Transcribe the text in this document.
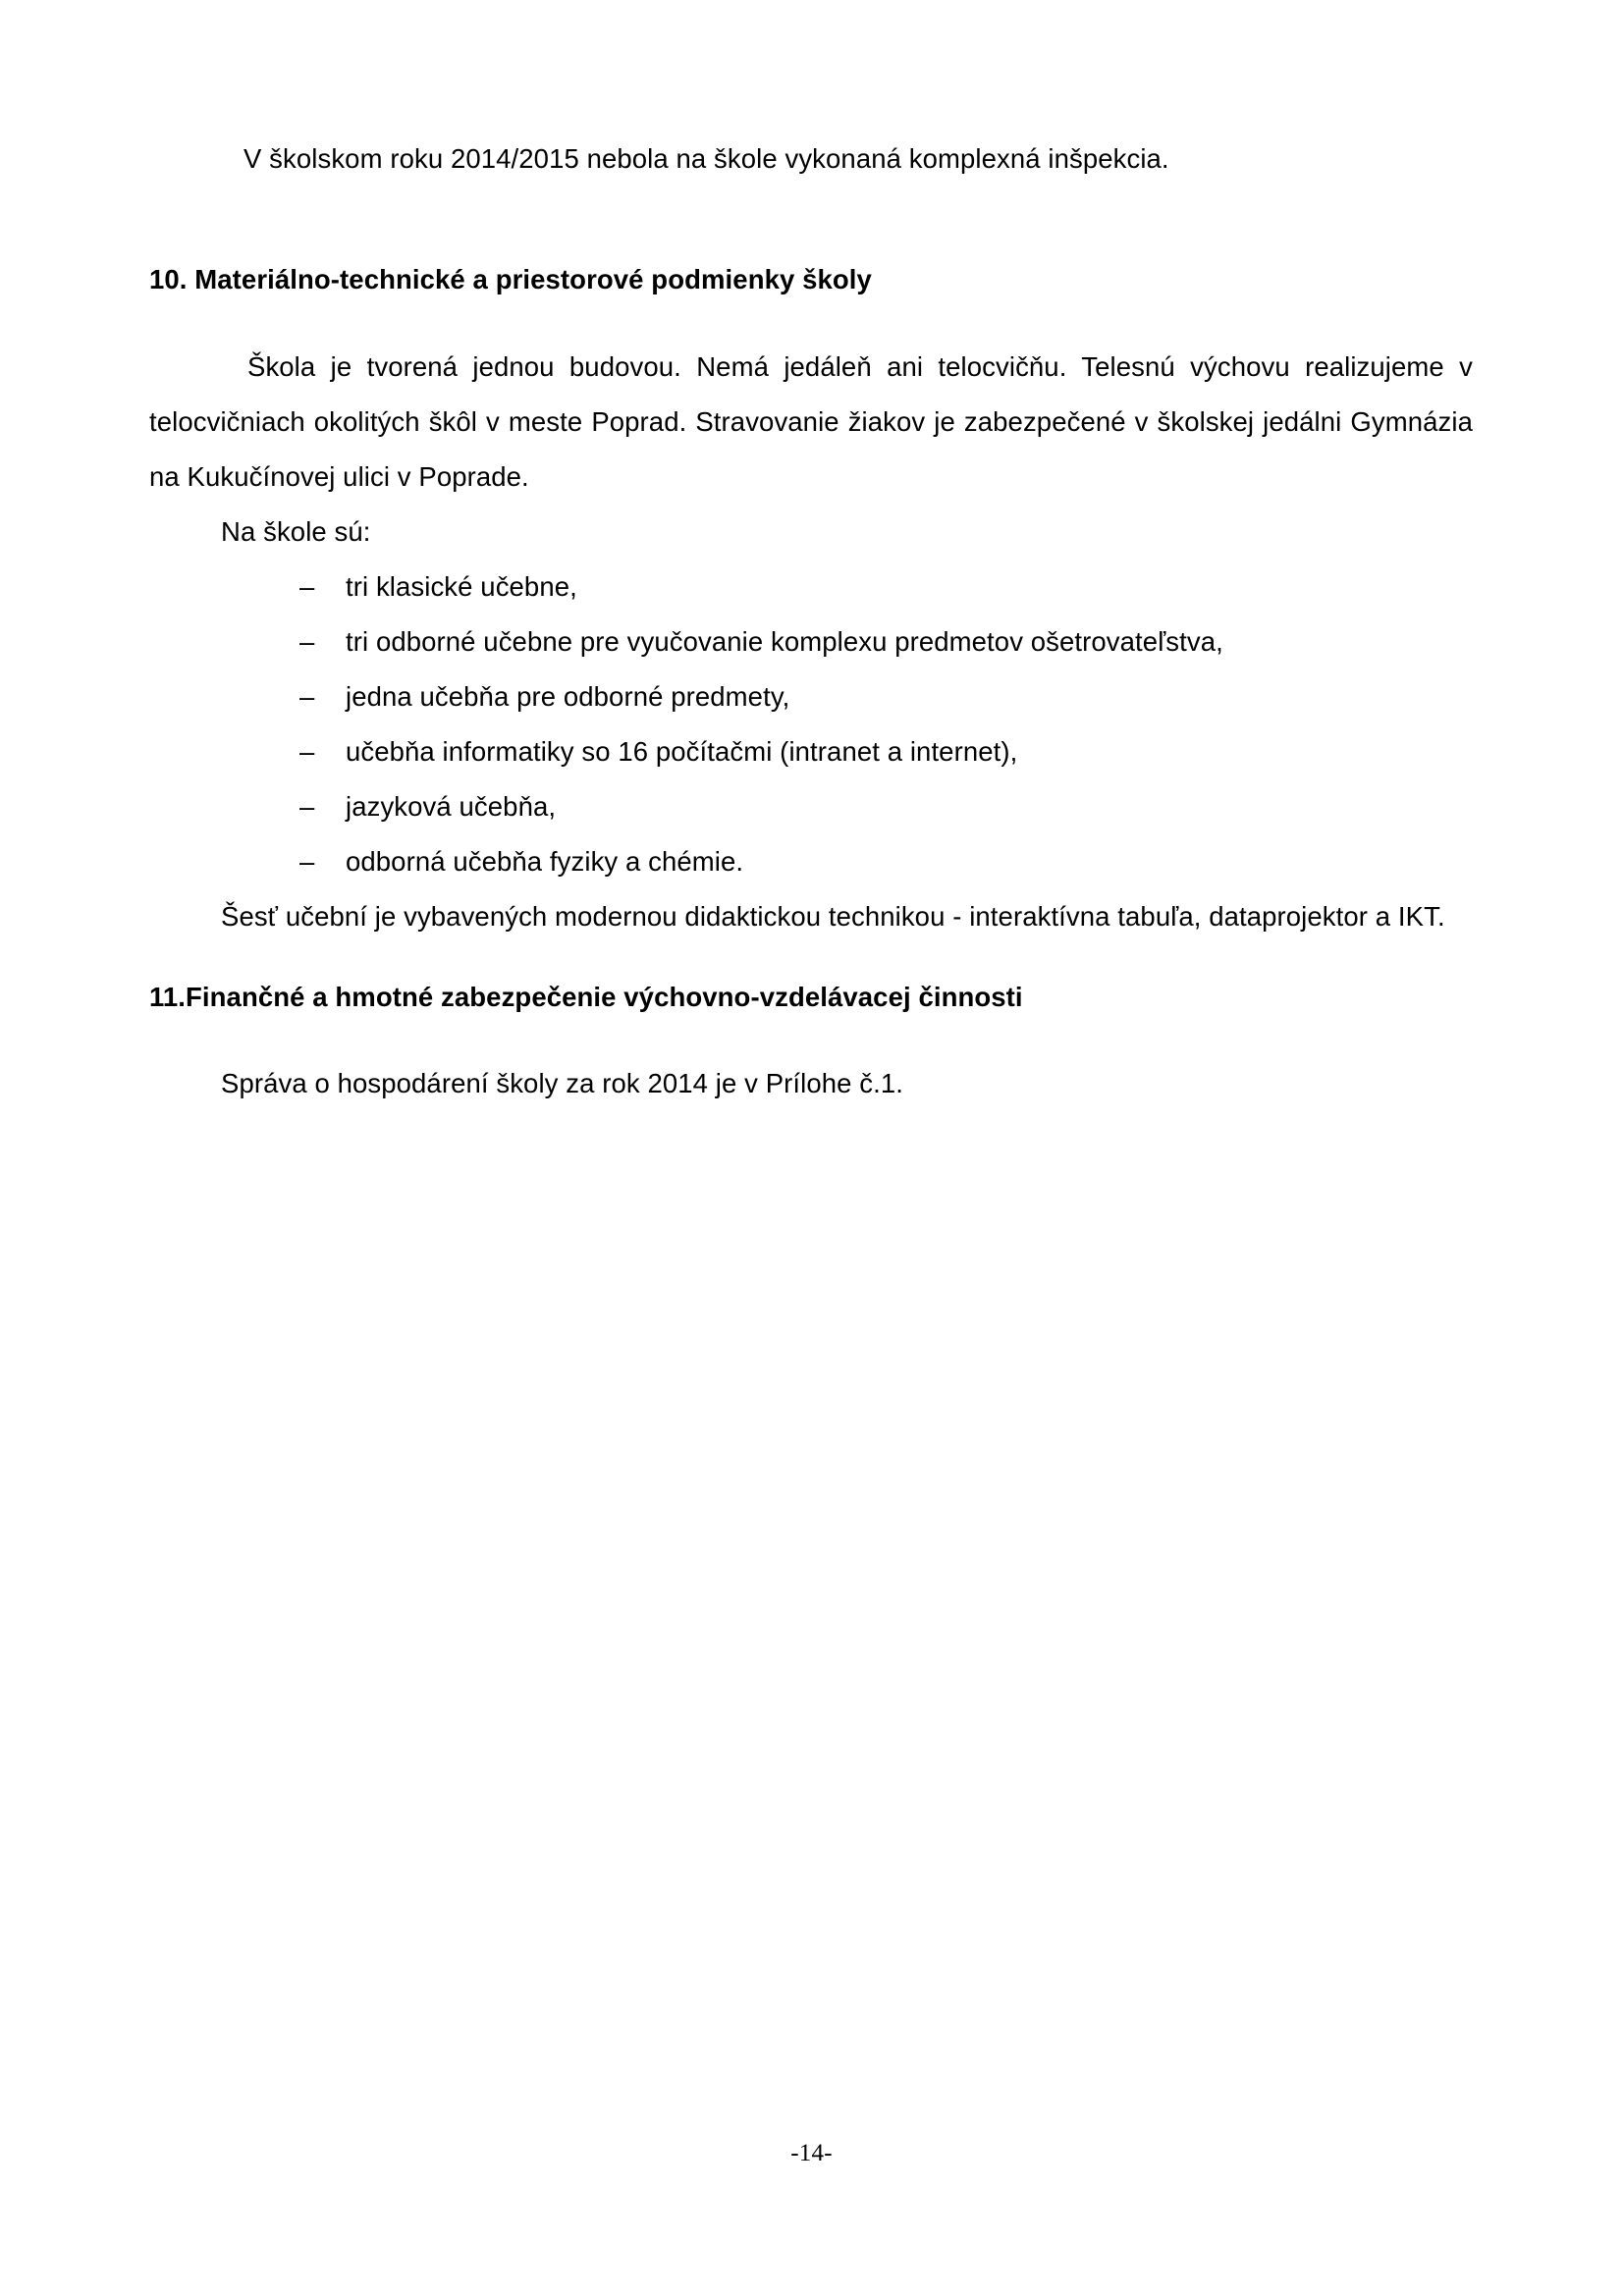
V školskom roku 2014/2015 nebola na škole vykonaná komplexná inšpekcia.

10. Materiálno-technické a priestorové podmienky školy

Škola je tvorená jednou budovou. Nemá jedáleň ani telocvičňu. Telesnú výchovu realizujeme v telocvičniach okolitých škôl v meste Poprad. Stravovanie žiakov je zabezpečené v školskej jedálni Gymnázia na Kukučínovej ulici v Poprade.

Na škole sú:

– tri klasické učebne,
– tri odborné učebne pre vyučovanie komplexu predmetov ošetrovateľstva,
– jedna učebňa pre odborné predmety,
– učebňa informatiky so 16 počítačmi (intranet a internet),
– jazyková učebňa,
– odborná učebňa fyziky a chémie.

Šesť učební je vybavených modernou didaktickou technikou - interaktívna tabuľa, dataprojektor a IKT.

11. Finančné a hmotné zabezpečenie výchovno-vzdelávacej činnosti

Správa o hospodárení školy za rok 2014 je v Prílohe č.1.

-14-
